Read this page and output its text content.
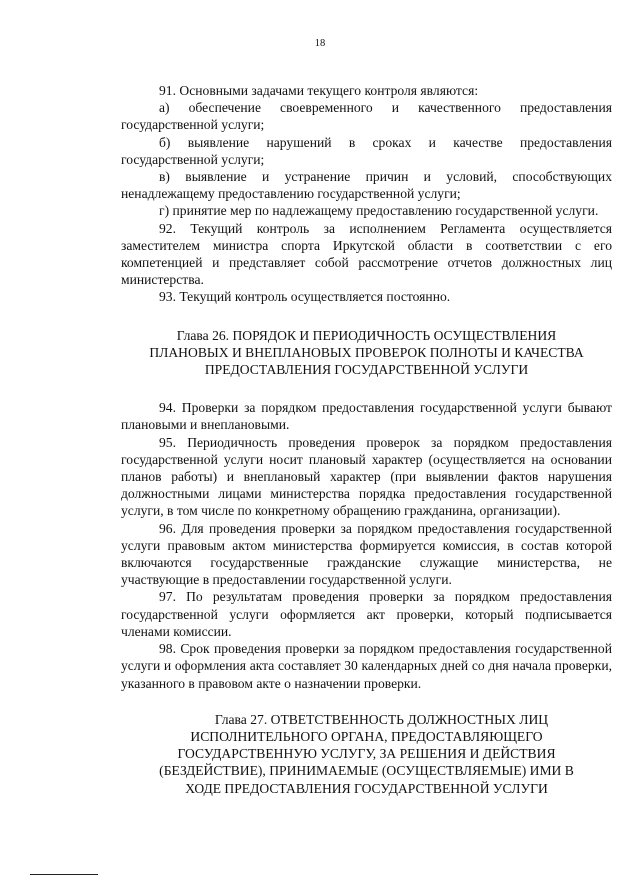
18

91. Основными задачами текущего контроля являются:

а) обеспечение своевременного и качественного предоставления государственной услуги;

б) выявление нарушений в сроках и качестве предоставления государственной услуги;

в) выявление и устранение причин и условий, способствующих ненадлежащему предоставлению государственной услуги;

г) принятие мер по надлежащему предоставлению государственной услуги.

92. Текущий контроль за исполнением Регламента осуществляется заместителем министра спорта Иркутской области в соответствии с его компетенцией и представляет собой рассмотрение отчетов должностных лиц министерства.

93. Текущий контроль осуществляется постоянно.

Глава 26. ПОРЯДОК И ПЕРИОДИЧНОСТЬ ОСУЩЕСТВЛЕНИЯ
ПЛАНОВЫХ И ВНЕПЛАНОВЫХ ПРОВЕРОК ПОЛНОТЫ И КАЧЕСТВА
ПРЕДОСТАВЛЕНИЯ ГОСУДАРСТВЕННОЙ УСЛУГИ

94. Проверки за порядком предоставления государственной услуги бывают плановыми и внеплановыми.

95. Периодичность проведения проверок за порядком предоставления государственной услуги носит плановый характер (осуществляется на основании планов работы) и внеплановый характер (при выявлении фактов нарушения должностными лицами министерства порядка предоставления государственной услуги, в том числе по конкретному обращению гражданина, организации).

96. Для проведения проверки за порядком предоставления государственной услуги правовым актом министерства формируется комиссия, в состав которой включаются государственные гражданские служащие министерства, не участвующие в предоставлении государственной услуги.

97. По результатам проведения проверки за порядком предоставления государственной услуги оформляется акт проверки, который подписывается членами комиссии.

98. Срок проведения проверки за порядком предоставления государственной услуги и оформления акта составляет 30 календарных дней со дня начала проверки, указанного в правовом акте о назначении проверки.

Глава 27. ОТВЕТСТВЕННОСТЬ ДОЛЖНОСТНЫХ ЛИЦ
ИСПОЛНИТЕЛЬНОГО ОРГАНА, ПРЕДОСТАВЛЯЮЩЕГО
ГОСУДАРСТВЕННУЮ УСЛУГУ, ЗА РЕШЕНИЯ И ДЕЙСТВИЯ
(БЕЗДЕЙСТВИЕ), ПРИНИМАЕМЫЕ (ОСУЩЕСТВЛЯЕМЫЕ) ИМИ В
ХОДЕ ПРЕДОСТАВЛЕНИЯ ГОСУДАРСТВЕННОЙ УСЛУГИ
